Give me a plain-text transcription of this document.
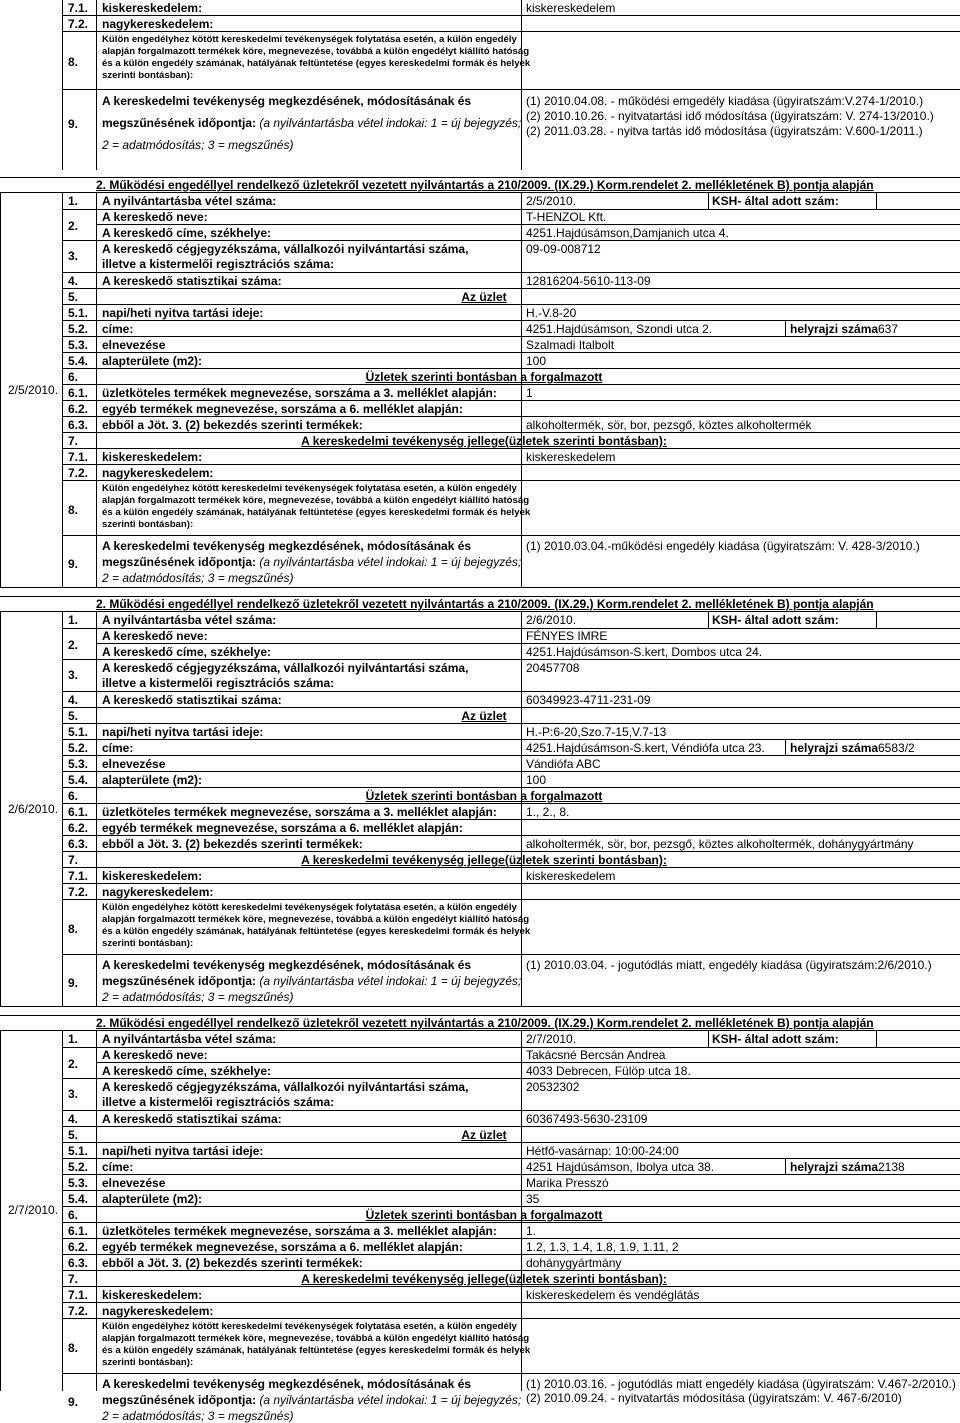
7.1. kiskereskedelem:	kiskereskedelem
7.2. nagykereskedelem:
8.
Külön engedélyhez kötött kereskedelmi tevékenységek folytatása esetén, a külön engedély
alapján forgalmazott termékek köre, megnevezése, továbbá a külön engedélyt kiállító hatóság
és a külön engedély számának, hatályának feltüntetése (egyes kereskedelmi formák és helyek
szerinti bontásban):
9.
A kereskedelmi tevékenység megkezdésének, módosításának és
megszűnésének időpontja: (a nyilvántartásba vétel indokai: 1 = új bejegyzés;
2 = adatmódosítás; 3 = megszűnés)
(1) 2010.04.08. - működési emgedély kiadása (ügyiratszám:V.274-1/2010.)
(2) 2010.10.26. - nyitvatartási idő módosítása (ügyiratszám: V. 274-13/2010.)
(2) 2011.03.28. - nyitva tartás idő módosítása (ügyiratszám: V.600-1/2011.)
2/5/2010.
2. Működési engedéllyel rendelkező üzletekről vezetett nyilvántartás a 210/2009. (IX.29.) Korm.rendelet 2. mellékletének B) pontja alapján
1. A nyilvántartásba vétel száma:	2/5/2010.	KSH- által adott szám:
2.
A kereskedő neve:	T-HENZOL Kft.
A kereskedő címe, székhelye:	4251.Hajdúsámson,Damjanich utca 4.
3. A kereskedő cégjegyzékszáma, vállalkozói nyilvántartási száma,
illetve a kistermelői regisztrációs száma:
09-09-008712
4. A kereskedő statisztikai száma:	12816204-5610-113-09
5.	Az üzlet
5.1. napi/heti nyitva tartási ideje:	H.-V.8-20
5.2. címe:	4251.Hajdúsámson, Szondi utca 2.	helyrajzi száma 637
5.3. elnevezése	Szalmadi Italbolt
5.4. alapterülete (m2):	100
6.	Üzletek szerinti bontásban a forgalmazott
6.1. üzletköteles termékek megnevezése, sorszáma a 3. melléklet alapján: 1
6.2. egyéb termékek megnevezése, sorszáma a 6. melléklet alapján:
6.3. ebből a Jöt. 3. (2) bekezdés szerinti termékek:	alkoholtermék, sör, bor, pezsgő, köztes alkoholtermék
7.	A kereskedelmi tevékenység jellege(üzletek szerinti bontásban):
7.1. kiskereskedelem:	kiskereskedelem
7.2. nagykereskedelem:
8.
Külön engedélyhez kötött kereskedelmi tevékenységek folytatása esetén, a külön engedély
alapján forgalmazott termékek köre, megnevezése, továbbá a külön engedélyt kiállító hatóság
és a külön engedély számának, hatályának feltüntetése (egyes kereskedelmi formák és helyek
szerinti bontásban):
9.
A kereskedelmi tevékenység megkezdésének, módosításának és
megszűnésének időpontja: (a nyilvántartásba vétel indokai: 1 = új bejegyzés;
2 = adatmódosítás; 3 = megszűnés)
(1) 2010.03.04.-működési engedély kiadása (ügyiratszám: V. 428-3/2010.)
2/6/2010.
2. Működési engedéllyel rendelkező üzletekről vezetett nyilvántartás a 210/2009. (IX.29.) Korm.rendelet 2. mellékletének B) pontja alapján
1. A nyilvántartásba vétel száma:	2/6/2010.	KSH- által adott szám:
2.
A kereskedő neve:	FÉNYES IMRE
A kereskedő címe, székhelye:	4251.Hajdúsámson-S.kert, Dombos utca 24.
3. A kereskedő cégjegyzékszáma, vállalkozói nyilvántartási száma,
illetve a kistermelői regisztrációs száma:
20457708
4. A kereskedő statisztikai száma:	60349923-4711-231-09
5.	Az üzlet
5.1. napi/heti nyitva tartási ideje:	H.-P:6-20,Szo.7-15,V.7-13
5.2. címe:	4251.Hajdúsámson-S.kert, Véndiófa utca 23. helyrajzi száma 6583/2
5.3. elnevezése	Vándiófa ABC
5.4. alapterülete (m2):	100
6.	Üzletek szerinti bontásban a forgalmazott
6.1. üzletköteles termékek megnevezése, sorszáma a 3. melléklet alapján: 1., 2., 8.
6.2. egyéb termékek megnevezése, sorszáma a 6. melléklet alapján:
6.3. ebből a Jöt. 3. (2) bekezdés szerinti termékek:	alkoholtermék, sör, bor, pezsgő, köztes alkoholtermék, dohánygyártmány
7.	A kereskedelmi tevékenység jellege(üzletek szerinti bontásban):
7.1. kiskereskedelem:	kiskereskedelem
7.2. nagykereskedelem:
8.
Külön engedélyhez kötött kereskedelmi tevékenységek folytatása esetén, a külön engedély
alapján forgalmazott termékek köre, megnevezése, továbbá a külön engedélyt kiállító hatóság
és a külön engedély számának, hatályának feltüntetése (egyes kereskedelmi formák és helyek
szerinti bontásban):
9.
A kereskedelmi tevékenység megkezdésének, módosításának és
megszűnésének időpontja: (a nyilvántartásba vétel indokai: 1 = új bejegyzés;
2 = adatmódosítás; 3 = megszűnés)
(1) 2010.03.04. - jogutódlás miatt, engedély kiadása (ügyiratszám:2/6/2010.)
2/7/2010.
2. Működési engedéllyel rendelkező üzletekről vezetett nyilvántartás a 210/2009. (IX.29.) Korm.rendelet 2. mellékletének B) pontja alapján
1. A nyilvántartásba vétel száma:	2/7/2010.	KSH- által adott szám:
2.
A kereskedő neve:	Takácsné Bercsán Andrea
A kereskedő címe, székhelye:	4033 Debrecen, Fülöp utca 18.
3. A kereskedő cégjegyzékszáma, vállalkozói nyilvántartási száma,
illetve a kistermelői regisztrációs száma:
20532302
4. A kereskedő statisztikai száma:	60367493-5630-23109
5.	Az üzlet
5.1. napi/heti nyitva tartási ideje:	Hétfő-vasárnap: 10:00-24:00
5.2. címe:	4251 Hajdúsámson, Ibolya utca 38.	helyrajzi száma 2138
5.3. elnevezése	Marika Presszó
5.4. alapterülete (m2):	35
6.	Üzletek szerinti bontásban a forgalmazott
6.1. üzletköteles termékek megnevezése, sorszáma a 3. melléklet alapján: 1.
6.2. egyéb termékek megnevezése, sorszáma a 6. melléklet alapján:	1.2, 1.3, 1.4, 1.8, 1.9, 1.11, 2
6.3. ebből a Jöt. 3. (2) bekezdés szerinti termékek:	dohánygyártmány
7.	A kereskedelmi tevékenység jellege(üzletek szerinti bontásban):
7.1. kiskereskedelem:	kiskereskedelem és vendéglátás
7.2. nagykereskedelem:
8.
Külön engedélyhez kötött kereskedelmi tevékenységek folytatása esetén, a külön engedély
alapján forgalmazott termékek köre, megnevezése, továbbá a külön engedélyt kiállító hatóság
és a külön engedély számának, hatályának feltüntetése (egyes kereskedelmi formák és helyek
szerinti bontásban):
9.
A kereskedelmi tevékenység megkezdésének, módosításának és
megszűnésének időpontja: (a nyilvántartásba vétel indokai: 1 = új bejegyzés;
2 = adatmódosítás; 3 = megszűnés)
(1) 2010.03.16. - jogutódlás miatt engedély kiadása (ügyiratszám: V.467-2/2010.)
(2) 2010.09.24. - nyitvatartás módosítása (ügyiratszám: V. 467-6/2010)
